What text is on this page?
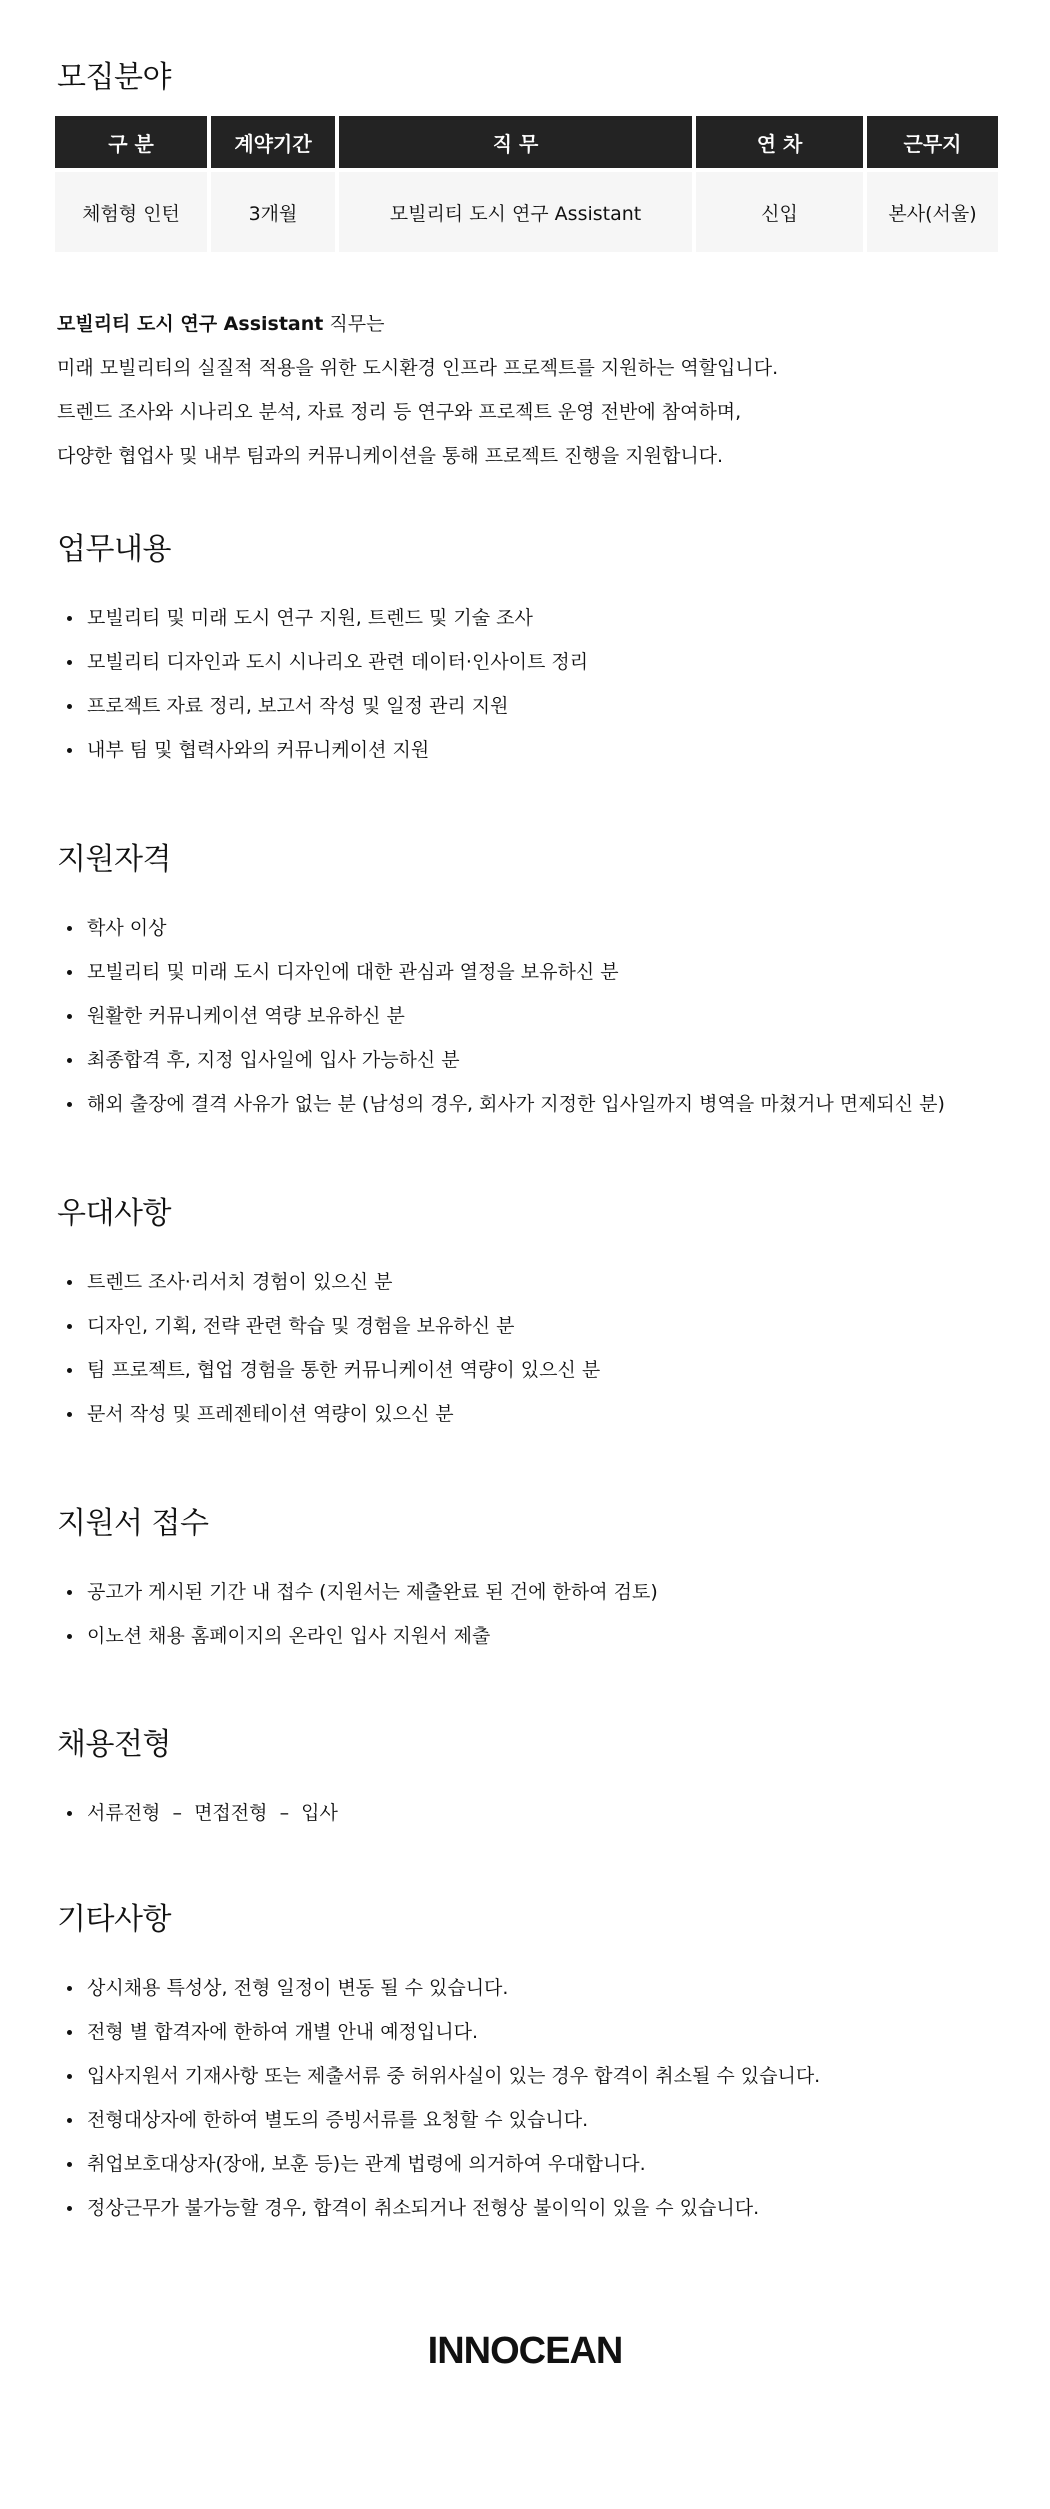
모집분야
구 분	계약기간	직 무	연 차	근무지
체험형 인턴	3개월	모빌리티 도시 연구 Assistant	신입	본사(서울)
모빌리티 도시 연구 Assistant 직무는
미래 모빌리티의 실질적 적용을 위한 도시환경 인프라 프로젝트를 지원하는 역할입니다.
트렌드 조사와 시나리오 분석, 자료 정리 등 연구와 프로젝트 운영 전반에 참여하며,
다양한 협업사 및 내부 팀과의 커뮤니케이션을 통해 프로젝트 진행을 지원합니다.
업무내용
모빌리티 및 미래 도시 연구 지원, 트렌드 및 기술 조사
모빌리티 디자인과 도시 시나리오 관련 데이터·인사이트 정리
프로젝트 자료 정리, 보고서 작성 및 일정 관리 지원
내부 팀 및 협력사와의 커뮤니케이션 지원
지원자격
학사 이상
모빌리티 및 미래 도시 디자인에 대한 관심과 열정을 보유하신 분
원활한 커뮤니케이션 역량 보유하신 분
최종합격 후, 지정 입사일에 입사 가능하신 분
해외 출장에 결격 사유가 없는 분 (남성의 경우, 회사가 지정한 입사일까지 병역을 마쳤거나 면제되신 분)
우대사항
트렌드 조사·리서치 경험이 있으신 분
디자인, 기획, 전략 관련 학습 및 경험을 보유하신 분
팀 프로젝트, 협업 경험을 통한 커뮤니케이션 역량이 있으신 분
문서 작성 및 프레젠테이션 역량이 있으신 분
지원서 접수
공고가 게시된 기간 내 접수 (지원서는 제출완료 된 건에 한하여 검토)
이노션 채용 홈페이지의 온라인 입사 지원서 제출
채용전형
서류전형  –  면접전형  –  입사
기타사항
상시채용 특성상, 전형 일정이 변동 될 수 있습니다.
전형 별 합격자에 한하여 개별 안내 예정입니다.
입사지원서 기재사항 또는 제출서류 중 허위사실이 있는 경우 합격이 취소될 수 있습니다.
전형대상자에 한하여 별도의 증빙서류를 요청할 수 있습니다.
취업보호대상자(장애, 보훈 등)는 관계 법령에 의거하여 우대합니다.
정상근무가 불가능할 경우, 합격이 취소되거나 전형상 불이익이 있을 수 있습니다.
INNOCEAN
